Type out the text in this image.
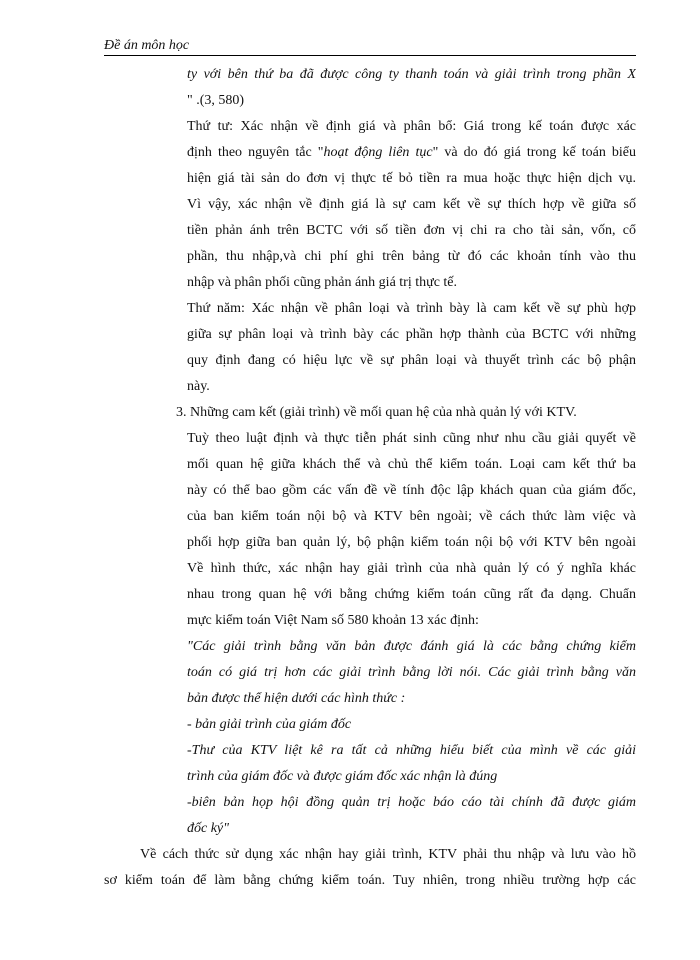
Đề án môn học
ty với bên thứ ba đã được công ty thanh toán và giải trình trong phần X
" .(3, 580)
Thứ tư: Xác nhận về định giá và phân bổ: Giá trong kế toán được xác
định theo nguyên tắc "hoạt động liên tục" và do đó giá trong kế toán biểu
hiện giá tài sản do đơn vị thực tế bỏ tiền ra mua hoặc thực hiện dịch vụ.
Vì vậy, xác nhận về định giá là sự cam kết về sự thích hợp về giữa số
tiền phản ánh trên BCTC với số tiền đơn vị chi ra cho tài sản, vốn, cổ
phần, thu nhập,và chi phí ghi trên bảng từ đó các khoản tính vào thu
nhập và phân phối cũng phản ánh giá trị thực tế.
Thứ năm: Xác nhận về phân loại và trình bày là cam kết về sự phù hợp
giữa sự phân loại và trình bày các phần hợp thành của BCTC với những
quy định đang có hiệu lực về sự phân loại và thuyết trình các bộ phận
này.
3. Những cam kết (giải trình) về mối quan hệ của nhà quản lý với KTV.
Tuỳ theo luật định và thực tiễn phát sinh cũng như nhu cầu giải quyết về
mối quan hệ giữa khách thể và chủ thể kiểm toán. Loại cam kết thứ ba
này có thể bao gồm các vấn đề về tính độc lập khách quan của giám đốc,
của ban kiểm toán nội bộ và KTV bên ngoài; về cách thức làm việc và
phối hợp giữa ban quản lý, bộ phận kiểm toán nội bộ với KTV bên ngoài
Về hình thức, xác nhận hay giải trình của nhà quản lý có ý nghĩa khác
nhau trong quan hệ với bằng chứng kiểm toán cũng rất đa dạng. Chuẩn
mực kiểm toán Việt Nam số 580 khoản 13 xác định:
"Các giải trình bằng văn bản được đánh giá là các bằng chứng kiểm
toán có giá trị hơn các giải trình bằng lời nói. Các giải trình bằng văn
bản được thể hiện dưới các hình thức :
- bản giải trình của giám đốc
-Thư của KTV liệt kê ra tất cả những hiểu biết của mình về các giải
trình của giám đốc và được giám đốc xác nhận là đúng
-biên bản họp hội đồng quản trị hoặc báo cáo tài chính đã được giám
đốc ký"
Về cách thức sử dụng xác nhận hay giải trình, KTV phải thu nhập và lưu vào hồ
sơ kiểm toán để làm bằng chứng kiểm toán. Tuy nhiên, trong nhiều trường hợp các
